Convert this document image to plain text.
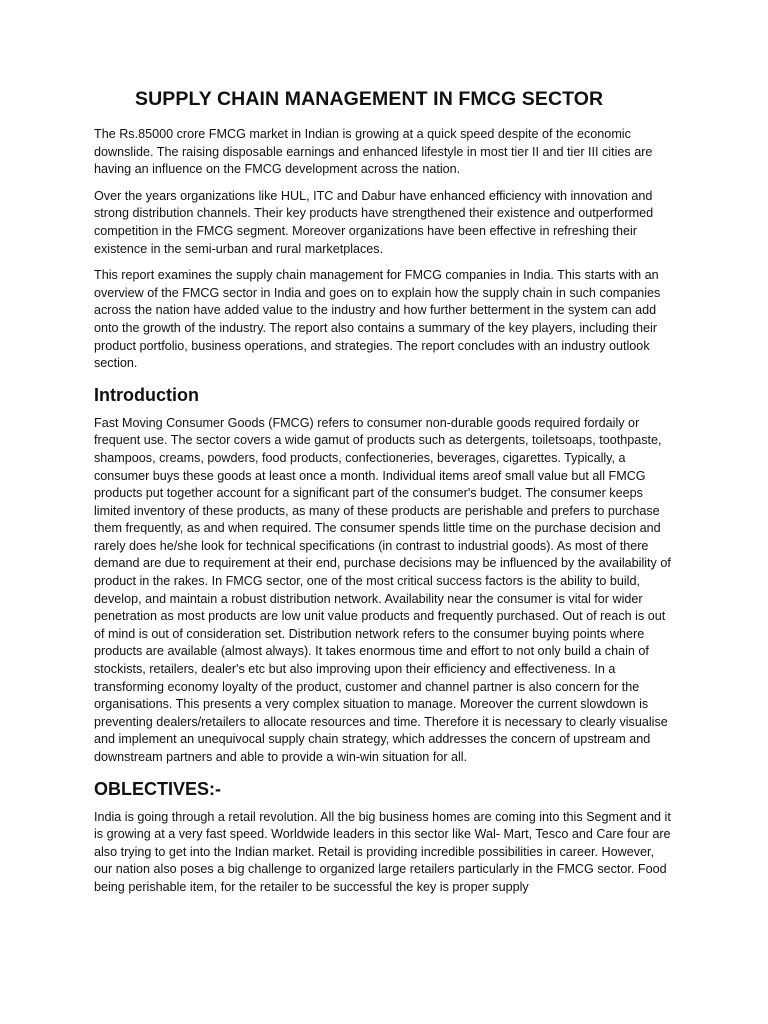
SUPPLY CHAIN MANAGEMENT IN FMCG SECTOR

The Rs.85000 crore FMCG market in Indian is growing at a quick speed despite of the economic downslide. The raising disposable earnings and enhanced lifestyle in most tier II and tier III cities are having an influence on the FMCG development across the nation.

Over the years organizations like HUL, ITC and Dabur have enhanced efficiency with innovation and strong distribution channels. Their key products have strengthened their existence and outperformed competition in the FMCG segment. Moreover organizations have been effective in refreshing their existence in the semi-urban and rural marketplaces.

This report examines the supply chain management for FMCG companies in India. This starts with an overview of the FMCG sector in India and goes on to explain how the supply chain in such companies across the nation have added value to the industry and how further betterment in the system can add onto the growth of the industry. The report also contains a summary of the key players, including their product portfolio, business operations, and strategies. The report concludes with an industry outlook section.

Introduction

Fast Moving Consumer Goods (FMCG) refers to consumer non-durable goods required fordaily or frequent use. The sector covers a wide gamut of products such as detergents, toiletsoaps, toothpaste, shampoos, creams, powders, food products, confectioneries, beverages, cigarettes. Typically, a consumer buys these goods at least once a month. Individual items areof small value but all FMCG products put together account for a significant part of the consumer's budget. The consumer keeps limited inventory of these products, as many of these products are perishable and prefers to purchase them frequently, as and when required. The consumer spends little time on the purchase decision and rarely does he/she look for technical specifications (in contrast to industrial goods). As most of there demand are due to requirement at their end, purchase decisions may be influenced by the availability of product in the rakes. In FMCG sector, one of the most critical success factors is the ability to build, develop, and maintain a robust distribution network. Availability near the consumer is vital for wider penetration as most products are low unit value products and frequently purchased. Out of reach is out of mind is out of consideration set. Distribution network refers to the consumer buying points where products are available (almost always). It takes enormous time and effort to not only build a chain of stockists, retailers, dealer's etc but also improving upon their efficiency and effectiveness. In a transforming economy loyalty of the product, customer and channel partner is also concern for the organisations. This presents a very complex situation to manage. Moreover the current slowdown is preventing dealers/retailers to allocate resources and time. Therefore it is necessary to clearly visualise and implement an unequivocal supply chain strategy, which addresses the concern of upstream and downstream partners and able to provide a win-win situation for all.

OBLECTIVES:-

India is going through a retail revolution. All the big business homes are coming into this Segment and it is growing at a very fast speed. Worldwide leaders in this sector like Wal- Mart, Tesco and Care four are also trying to get into the Indian market. Retail is providing incredible possibilities in career. However, our nation also poses a big challenge to organized large retailers particularly in the FMCG sector. Food being perishable item, for the retailer to be successful the key is proper supply
